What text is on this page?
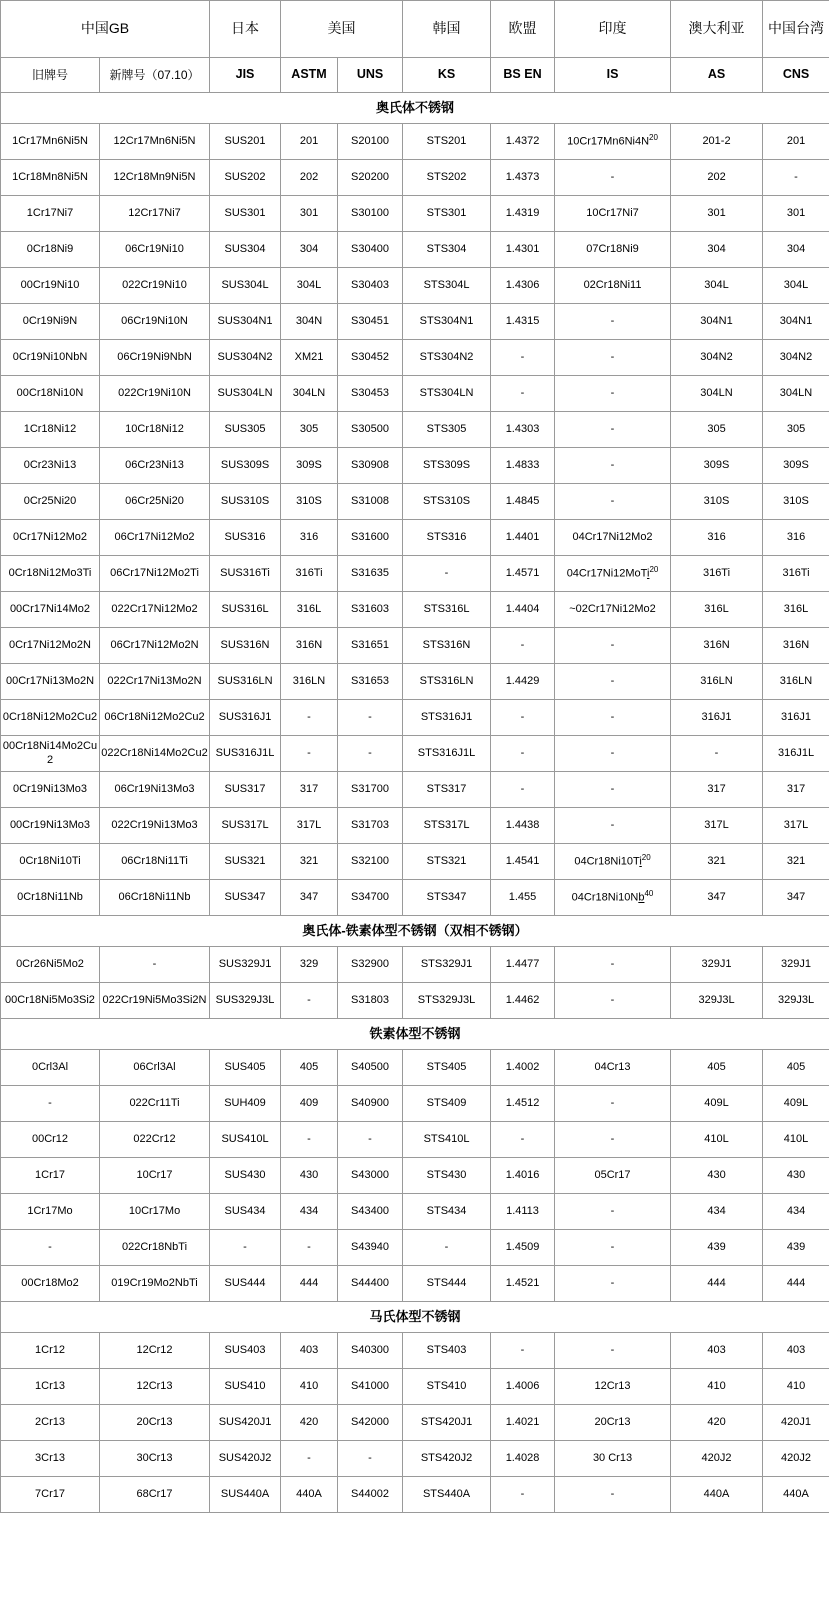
中国GB		日本	美国		韩国	欧盟	印度	澳大利亚	中国台湾
旧牌号	新牌号（07.10）	JIS	ASTM	UNS	KS	BS EN	IS	AS	CNS
奥氏体不锈钢									
1Cr17Mn6Ni5N	12Cr17Mn6Ni5N	SUS201	201	S20100	STS201	1.4372	$10Cr17Mn6Ni4N^{20}$	201-2	201
1Cr18Mn8Ni5N	12Cr18Mn9Ni5N	SUS202	202	S20200	STS202	1.4373	-	202	-
1Cr17Ni7	12Cr17Ni7	SUS301	301	S30100	STS301	1.4319	10Cr17Ni7	301	301
0Cr18Ni9	06Cr19Ni10	SUS304	304	S30400	STS304	1.4301	07Cr18Ni9	304	304
00Cr19Ni10	022Cr19Ni10	SUS304L	304L	S30403	STS304L	1.4306	02Cr18Ni11	304L	304L
0Cr19Ni9N	06Cr19Ni10N	SUS304N1	304N	S30451	STS304N1	1.4315	-	304N1	304N1
0Cr19Ni10NbN	06Cr19Ni9NbN	SUS304N2	XM21	S30452	STS304N2	-	-	304N2	304N2
00Cr18Ni10N	022Cr19Ni10N	SUS304LN	304LN	S30453	STS304LN	-	-	304LN	304LN
1Cr18Ni12	10Cr18Ni12	SUS305	305	S30500	STS305	1.4303	-	305	305
0Cr23Ni13	06Cr23Ni13	SUS309S	309S	S30908	STS309S	1.4833	-	309S	309S
0Cr25Ni20	06Cr25Ni20	SUS310S	310S	S31008	STS310S	1.4845	-	310S	310S
0Cr17Ni12Mo2	06Cr17Ni12Mo2	SUS316	316	S31600	STS316	1.4401	04Cr17Ni12Mo2	316	316
0Cr18Ni12Mo3Ti	06Cr17Ni12Mo2Ti	SUS316Ti	316Ti	S31635	-	1.4571	04Cr17Ni12MoTi$^{20}$	316Ti	316Ti
00Cr17Ni14Mo2	022Cr17Ni12Mo2	SUS316L	316L	S31603	STS316L	1.4404	~02Cr17Ni12Mo2	316L	316L
0Cr17Ni12Mo2N	06Cr17Ni12Mo2N	SUS316N	316N	S31651	STS316N	-	-	316N	316N
00Cr17Ni13Mo2N	022Cr17Ni13Mo2N	SUS316LN	316LN	S31653	STS316LN	1.4429	-	316LN	316LN
0Cr18Ni12Mo2Cu2	06Cr18Ni12Mo2Cu2	SUS316J1	-	-	STS316J1	-	-	316J1	316J1
00Cr18Ni14Mo2Cu2	022Cr18Ni14Mo2Cu2	SUS316J1L	-	-	STS316J1L	-	-	-	316J1L
0Cr19Ni13Mo3	06Cr19Ni13Mo3	SUS317	317	S31700	STS317	-	-	317	317
00Cr19Ni13Mo3	022Cr19Ni13Mo3	SUS317L	317L	S31703	STS317L	1.4438	-	317L	317L
0Cr18Ni10Ti	06Cr18Ni11Ti	SUS321	321	S32100	STS321	1.4541	04Cr18Ni10Ti$^{20}$	321	321
0Cr18Ni11Nb	06Cr18Ni11Nb	SUS347	347	S34700	STS347	1.455	04Cr18Ni10Nb$^{40}$	347	347
奥氏体-铁素体型不锈钢（双相不锈钢）									
0Cr26Ni5Mo2	-	SUS329J1	329	S32900	STS329J1	1.4477	-	329J1	329J1
00Cr18Ni5Mo3Si2	022Cr19Ni5Mo3Si2N	SUS329J3L	-	S31803	STS329J3L	1.4462	-	329J3L	329J3L
铁素体型不锈钢									
0Crl3Al	06Crl3Al	SUS405	405	S40500	STS405	1.4002	04Cr13	405	405
-	022Cr11Ti	SUH409	409	S40900	STS409	1.4512	-	409L	409L
00Cr12	022Cr12	SUS410L	-	-	STS410L	-	-	410L	410L
1Cr17	10Cr17	SUS430	430	S43000	STS430	1.4016	05Cr17	430	430
1Cr17Mo	10Cr17Mo	SUS434	434	S43400	STS434	1.4113	-	434	434
-	022Cr18NbTi	-	-	S43940	-	1.4509	-	439	439
00Cr18Mo2	019Cr19Mo2NbTi	SUS444	444	S44400	STS444	1.4521	-	444	444
马氏体型不锈钢									
1Cr12	12Cr12	SUS403	403	S40300	STS403	-	-	403	403
1Cr13	12Cr13	SUS410	410	S41000	STS410	1.4006	12Cr13	410	410
2Cr13	20Cr13	SUS420J1	420	S42000	STS420J1	1.4021	20Cr13	420	420J1
3Cr13	30Cr13	SUS420J2	-	-	STS420J2	1.4028	30 Cr13	420J2	420J2
7Cr17	68Cr17	SUS440A	440A	S44002	STS440A	-	-	440A	440A
